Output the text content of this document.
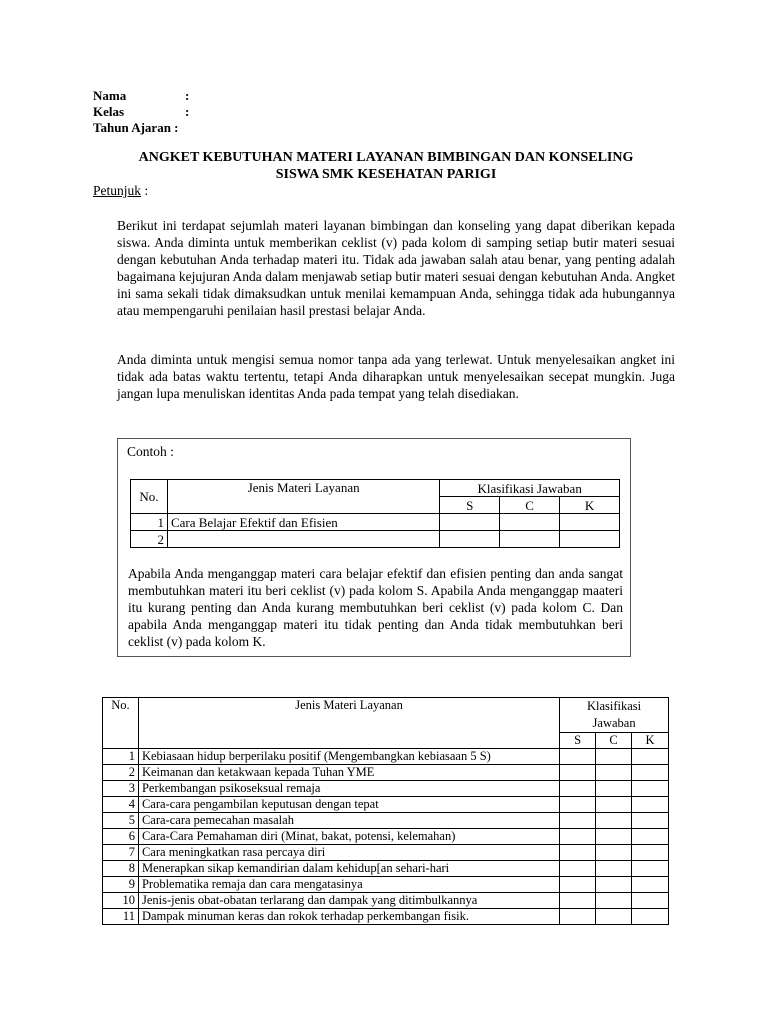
Nama	:
Kelas	:
Tahun Ajaran :
ANGKET KEBUTUHAN MATERI LAYANAN BIMBINGAN DAN KONSELING
SISWA SMK KESEHATAN PARIGI
Petunjuk :
Berikut ini terdapat sejumlah materi layanan bimbingan dan konseling yang dapat diberikan kepada siswa. Anda diminta untuk memberikan ceklist (v) pada kolom di samping setiap butir materi sesuai dengan kebutuhan Anda terhadap materi itu. Tidak ada jawaban salah atau benar, yang penting adalah bagaimana kejujuran Anda dalam menjawab setiap butir materi sesuai dengan kebutuhan Anda. Angket ini sama sekali tidak dimaksudkan untuk menilai kemampuan Anda, sehingga tidak ada hubungannya atau mempengaruhi penilaian hasil prestasi belajar Anda.
Anda diminta untuk mengisi semua nomor tanpa ada yang terlewat. Untuk menyelesaikan angket ini tidak ada batas waktu tertentu, tetapi Anda diharapkan untuk menyelesaikan secepat mungkin. Juga jangan lupa menuliskan identitas Anda pada tempat yang telah disediakan.
Contoh :
No.	Jenis Materi Layanan	Klasifikasi Jawaban		
		S	C	K
1	Cara Belajar Efektif dan Efisien			
2				
Apabila Anda menganggap materi cara belajar efektif dan efisien penting dan anda sangat membutuhkan materi itu beri ceklist (v) pada kolom S. Apabila Anda menganggap maateri itu kurang penting dan Anda kurang membutuhkan beri ceklist (v) pada kolom C. Dan apabila Anda menganggap materi itu tidak penting dan Anda tidak membutuhkan beri ceklist (v) pada kolom K.
No.	Jenis Materi Layanan	Klasifikasi
Jawaban		

		S	C	K
1	Kebiasaan hidup berperilaku positif (Mengembangkan kebiasaan 5 S)			
2	Keimanan dan ketakwaan kepada Tuhan YME			
3	Perkembangan psikoseksual remaja			
4	Cara-cara pengambilan keputusan dengan tepat			
5	Cara-cara pemecahan masalah			
6	Cara-Cara Pemahaman diri (Minat, bakat, potensi, kelemahan)			
7	Cara meningkatkan rasa percaya diri			
8	Menerapkan sikap kemandirian dalam kehidup[an sehari-hari			
9	Problematika remaja dan cara mengatasinya			
10	Jenis-jenis obat-obatan terlarang dan dampak yang ditimbulkannya			
11	Dampak minuman keras dan rokok terhadap perkembangan fisik.			
